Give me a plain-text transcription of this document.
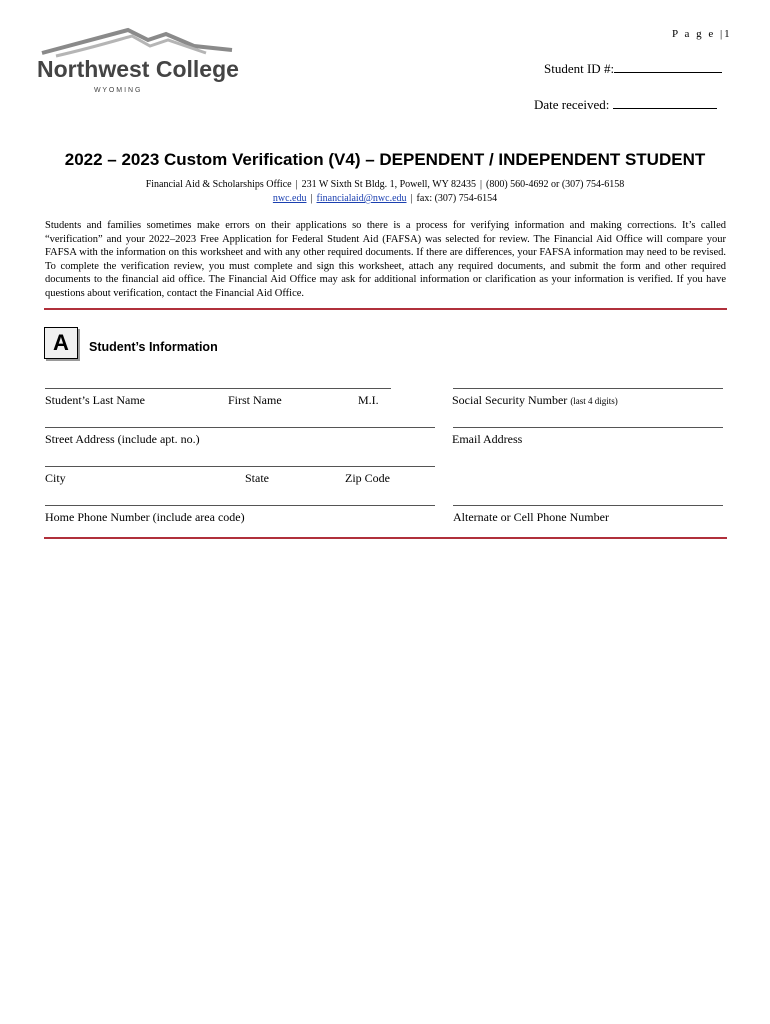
P a g e |1
Northwest College
W Y O M I N G
Student ID #:
Date received:
2022 – 2023 Custom Verification (V4) – DEPENDENT / INDEPENDENT STUDENT
Financial Aid & Scholarships Office | 231 W Sixth St Bldg. 1, Powell, WY 82435 | (800) 560-4692 or (307) 754-6158
nwc.edu | financialaid@nwc.edu | fax: (307) 754-6154
Students and families sometimes make errors on their applications so there is a process for verifying information and making corrections. It’s called “verification” and your 2022–2023 Free Application for Federal Student Aid (FAFSA) was selected for review. The Financial Aid Office will compare your FAFSA with the information on this worksheet and with any other required documents. If there are differences, your FAFSA information may need to be revised. To complete the verification review, you must complete and sign this worksheet, attach any required documents, and submit the form and other required documents to the financial aid office. The Financial Aid Office may ask for additional information or clarification as your information is verified. If you have questions about verification, contact the Financial Aid Office.
A	Student’s Information
Student’s Last Name	First Name	M.I.	Social Security Number (last 4 digits)
Street Address (include apt. no.)	Email Address
City	State	Zip Code
Home Phone Number (include area code)	Alternate or Cell Phone Number
